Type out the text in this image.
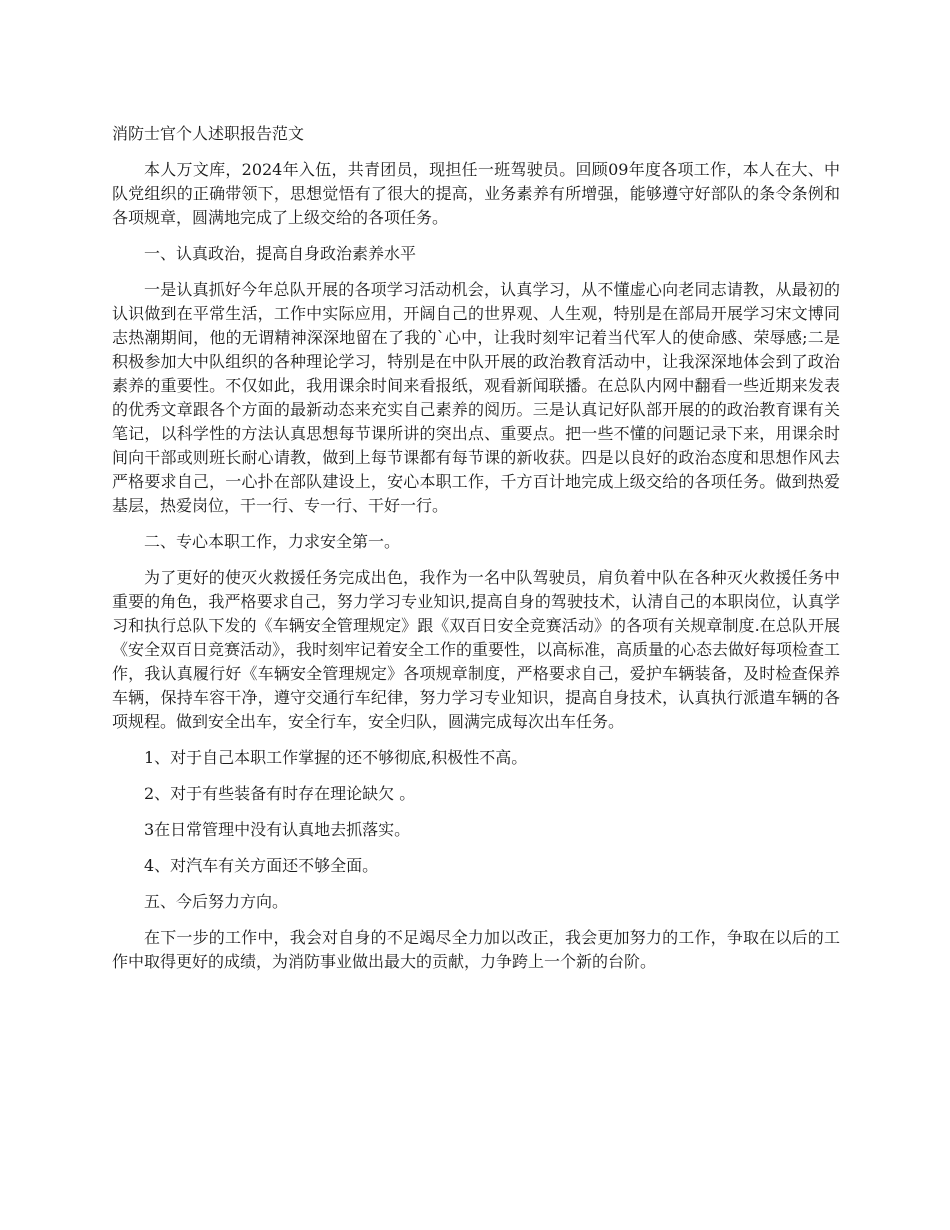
消防士官个人述职报告范文

本人万文库，2024年入伍，共青团员，现担任一班驾驶员。回顾09年度各项工作，本人在大、中队党组织的正确带领下，思想觉悟有了很大的提高，业务素养有所增强，能够遵守好部队的条令条例和各项规章，圆满地完成了上级交给的各项任务。

一、认真政治，提高自身政治素养水平

一是认真抓好今年总队开展的各项学习活动机会，认真学习，从不懂虚心向老同志请教，从最初的认识做到在平常生活，工作中实际应用，开阔自己的世界观、人生观，特别是在部局开展学习宋文博同志热潮期间，他的无谓精神深深地留在了我的`心中，让我时刻牢记着当代军人的使命感、荣辱感;二是积极参加大中队组织的各种理论学习，特别是在中队开展的政治教育活动中，让我深深地体会到了政治素养的重要性。不仅如此，我用课余时间来看报纸，观看新闻联播。在总队内网中翻看一些近期来发表的优秀文章跟各个方面的最新动态来充实自己素养的阅历。三是认真记好队部开展的的政治教育课有关笔记，以科学性的方法认真思想每节课所讲的突出点、重要点。把一些不懂的问题记录下来，用课余时间向干部或则班长耐心请教，做到上每节课都有每节课的新收获。四是以良好的政治态度和思想作风去严格要求自己，一心扑在部队建设上，安心本职工作，千方百计地完成上级交给的各项任务。做到热爱基层，热爱岗位，干一行、专一行、干好一行。

二、专心本职工作，力求安全第一。

为了更好的使灭火救援任务完成出色，我作为一名中队驾驶员，肩负着中队在各种灭火救援任务中重要的角色，我严格要求自己，努力学习专业知识,提高自身的驾驶技术，认清自己的本职岗位，认真学习和执行总队下发的《车辆安全管理规定》跟《双百日安全竞赛活动》的各项有关规章制度.在总队开展《安全双百日竞赛活动》，我时刻牢记着安全工作的重要性，以高标准，高质量的心态去做好每项检查工作，我认真履行好《车辆安全管理规定》各项规章制度，严格要求自己，爱护车辆装备，及时检查保养车辆，保持车容干净，遵守交通行车纪律，努力学习专业知识，提高自身技术，认真执行派遣车辆的各项规程。做到安全出车，安全行车，安全归队，圆满完成每次出车任务。

1、对于自己本职工作掌握的还不够彻底,积极性不高。

2、对于有些装备有时存在理论缺欠 。

3在日常管理中没有认真地去抓落实。

4、对汽车有关方面还不够全面。

五、今后努力方向。

在下一步的工作中，我会对自身的不足竭尽全力加以改正，我会更加努力的工作，争取在以后的工作中取得更好的成绩，为消防事业做出最大的贡献，力争跨上一个新的台阶。
